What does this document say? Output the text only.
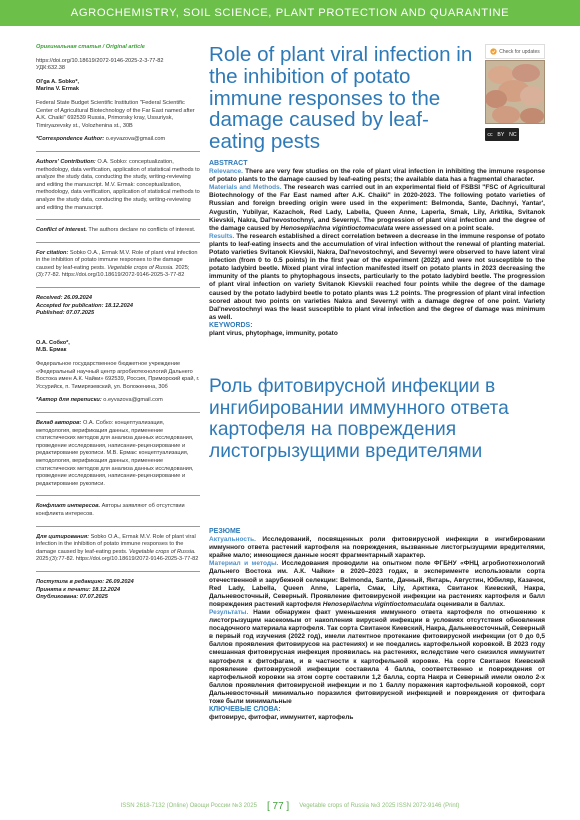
AGROCHEMISTRY, SOIL SCIENCE, PLANT PROTECTION AND QUARANTINE

Оригинальная статья / Original article

https://doi.org/10.18619/2072-9146-2025-2-3-77-82

УДК:632.38

Ol'ga A. Sobko*,

Marina V. Ermak

Federal State Budget Scientific Institution "Federal Scientific Center of Agricultural Biotechnology of the Far East named after A.K. Chaiki" 692539 Russia, Primorsky kray, Ussuriysk, Timiryazevsky st., Volozhenina st., 30B

*Correspondence Author: o.eyvazova@gmail.com

Authors' Contribution: O.A. Sobko: conceptualization, methodology, data verification, application of statistical methods to analyze the study data, conducting the study, writing-reviewing and editing the manuscript. M.V. Ermak: conceptualization, methodology, data verification, application of statistical methods to analyze the study data, conducting the study, writing-reviewing and editing the manuscript.

Conflict of interest. The authors declare no conflicts of interest.

For citation: Sobko O.A., Ermak M.V. Role of plant viral infection in the inhibition of potato immune responses to the damage caused by leaf-eating pests. Vegetable crops of Russia. 2025;(3):77-82. https://doi.org/10.18619/2072-9146-2025-3-77-82

Received: 26.09.2024

Accepted for publication: 18.12.2024

Published: 07.07.2025

О.А. Собко*,

М.В. Ермак

Федеральное государственное бюджетное учреждение «Федеральный научный центр агробиотехнологий Дальнего Востока имен А.К. Чайки» 692539, Россия, Приморский край, г. Уссурийск, п. Тимирязевский, ул. Воложенина, 30б

*Автор для переписки: o.eyvazova@gmail.com

Вклад авторов: О.А. Собко: концептуализация, методология, верификация данных, применение статистических методов для анализа данных исследования, проведение исследования, написание-рецензирование и редактирование рукописи. М.В. Ермак: концептуализация, методология, верификация данных, применение статистических методов для анализа данных исследования, проведение исследования, написание-рецензирование и редактирование рукописи.

Конфликт интересов. Авторы заявляют об отсутствии конфликта интересов.

Для цитирования: Sobko O.A., Ermak M.V. Role of plant viral infection in the inhibition of potato immune responses to the damage caused by leaf-eating pests. Vegetable crops of Russia. 2025;(3):77-82. https://doi.org/10.18619/2072-9146-2025-3-77-82

Поступила в редакцию: 26.09.2024

Принята к печати: 18.12.2024

Опубликована: 07.07.2025

Role of plant viral infection in the inhibition of potato immune responses to the damage caused by leaf-eating pests
Check for updates
cc BY NC

ABSTRACT

Relevance. There are very few studies on the role of plant viral infection in inhibiting the immune response of potato plants to the damage caused by leaf-eating pests; the available data has a fragmental character.

Materials and Methods. The research was carried out in an experimental field of FSBSI "FSC of Agricultural Biotechnology of the Far East named after A.K. Chaiki" in 2020-2023. The following potato varieties of Russian and foreign breeding origin were used in the experiment: Belmonda, Sante, Dachnyi, Yantar', Avgustin, Yubilyar, Kazachok, Red Lady, Labella, Queen Anne, Laperla, Smak, Lily, Arktika, Svitanok Kievskii, Nakra, Dal'nevostochnyi, and Severnyi. The progression of plant viral infection and the degree of the damage caused by Henosepilachna vigintioctomaculata were assessed on a point scale.

Results. The research established a direct correlation between a decrease in the immune response of potato plants to leaf-eating insects and the accumulation of viral infection without the renewal of planting material. Potato varieties Svitanok Kievskii, Nakra, Dal'nevostochnyi, and Severnyi were observed to have latent viral infection (from 0 to 0.5 points) in the first year of the experiment (2022) and were not susceptible to the potato ladybird beetle. Mixed plant viral infection manifested itself on potato plants in 2023 decreasing the immunity of the plants to phytophagous insects, particularly to the potato ladybird beetle. The progression of plant viral infection on variety Svitanok Kievskii reached four points while the degree of the damage caused by the potato ladybird beetle to potato plants was 1.2 points. The progression of plant viral infection scored about two points on varieties Nakra and Severnyi with a damage degree of one point. Variety Dal'nevostochnyi was the least susceptible to plant viral infection and the degree of damage was minimum as well.

KEYWORDS:

plant virus, phytophage, immunity, potato

Роль фитовирусной инфекции в ингибировании иммунного ответа картофеля на повреждения листогрызущими вредителями

РЕЗЮМЕ

Актуальность. Исследований, посвященных роли фитовирусной инфекции в ингибировании иммунного ответа растений картофеля на повреждения, вызванные листогрызущими вредителями, крайне мало; имеющиеся данные носят фрагментарный характер.

Материал и методы. Исследования проводили на опытном поле ФГБНУ «ФНЦ агробиотехнологий Дальнего Востока им. А.К. Чайки» в 2020–2023 годах, в эксперименте использовали сорта отечественной и зарубежной селекции: Belmonda, Sante, Дачный, Янтарь, Августин, Юбиляр, Казачок, Red Lady, Labella, Queen Anne, Laperla, Смак, Lily, Арктика, Свитанок Киевский, Накра, Дальневосточный, Северный. Проявление фитовирусной инфекции на растениях картофеля и балл повреждения растений картофеля Henosepilachna vigintioctomaculata оценивали в баллах.

Результаты. Нами обнаружен факт уменьшения иммунного ответа картофеля по отношению к листогрызущим насекомым от накопления вирусной инфекции в условиях отсутствия обновления посадочного материала картофеля. Так сорта Свитанок Киевский, Накра, Дальневосточный, Северный в первый год изучения (2022 год), имели латентное протекание фитовирусной инфекции (от 0 до 0,5 баллов проявления фитовирусов на растениях) и не поедались картофельной коровкой. В 2023 году смешанная фитовирусная инфекция проявилась на растениях, вследствие чего снизился иммунитет картофеля к фитофагам, и в частности к картофельной коровке. На сорте Свитанок Киевский проявление фитовирусной инфекции составила 4 балла, соответственно и повреждения от картофельной коровки на этом сорте составили 1,2 балла, сорта Накра и Северный имели около 2-х баллов проявления фитовирусной инфекции и по 1 баллу поражения картофельной коровкой, сорт Дальневосточный минимально поразился фитовирусной инфекцией и повреждения от фитофага тоже были минимальные

КЛЮЧЕВЫЕ СЛОВА:

фитовирус, фитофаг, иммунитет, картофель

ISSN 2618-7132 (Online) Овощи России №3 2025 [ 77 ] Vegetable crops of Russia №3 2025 ISSN 2072-9146 (Print)
